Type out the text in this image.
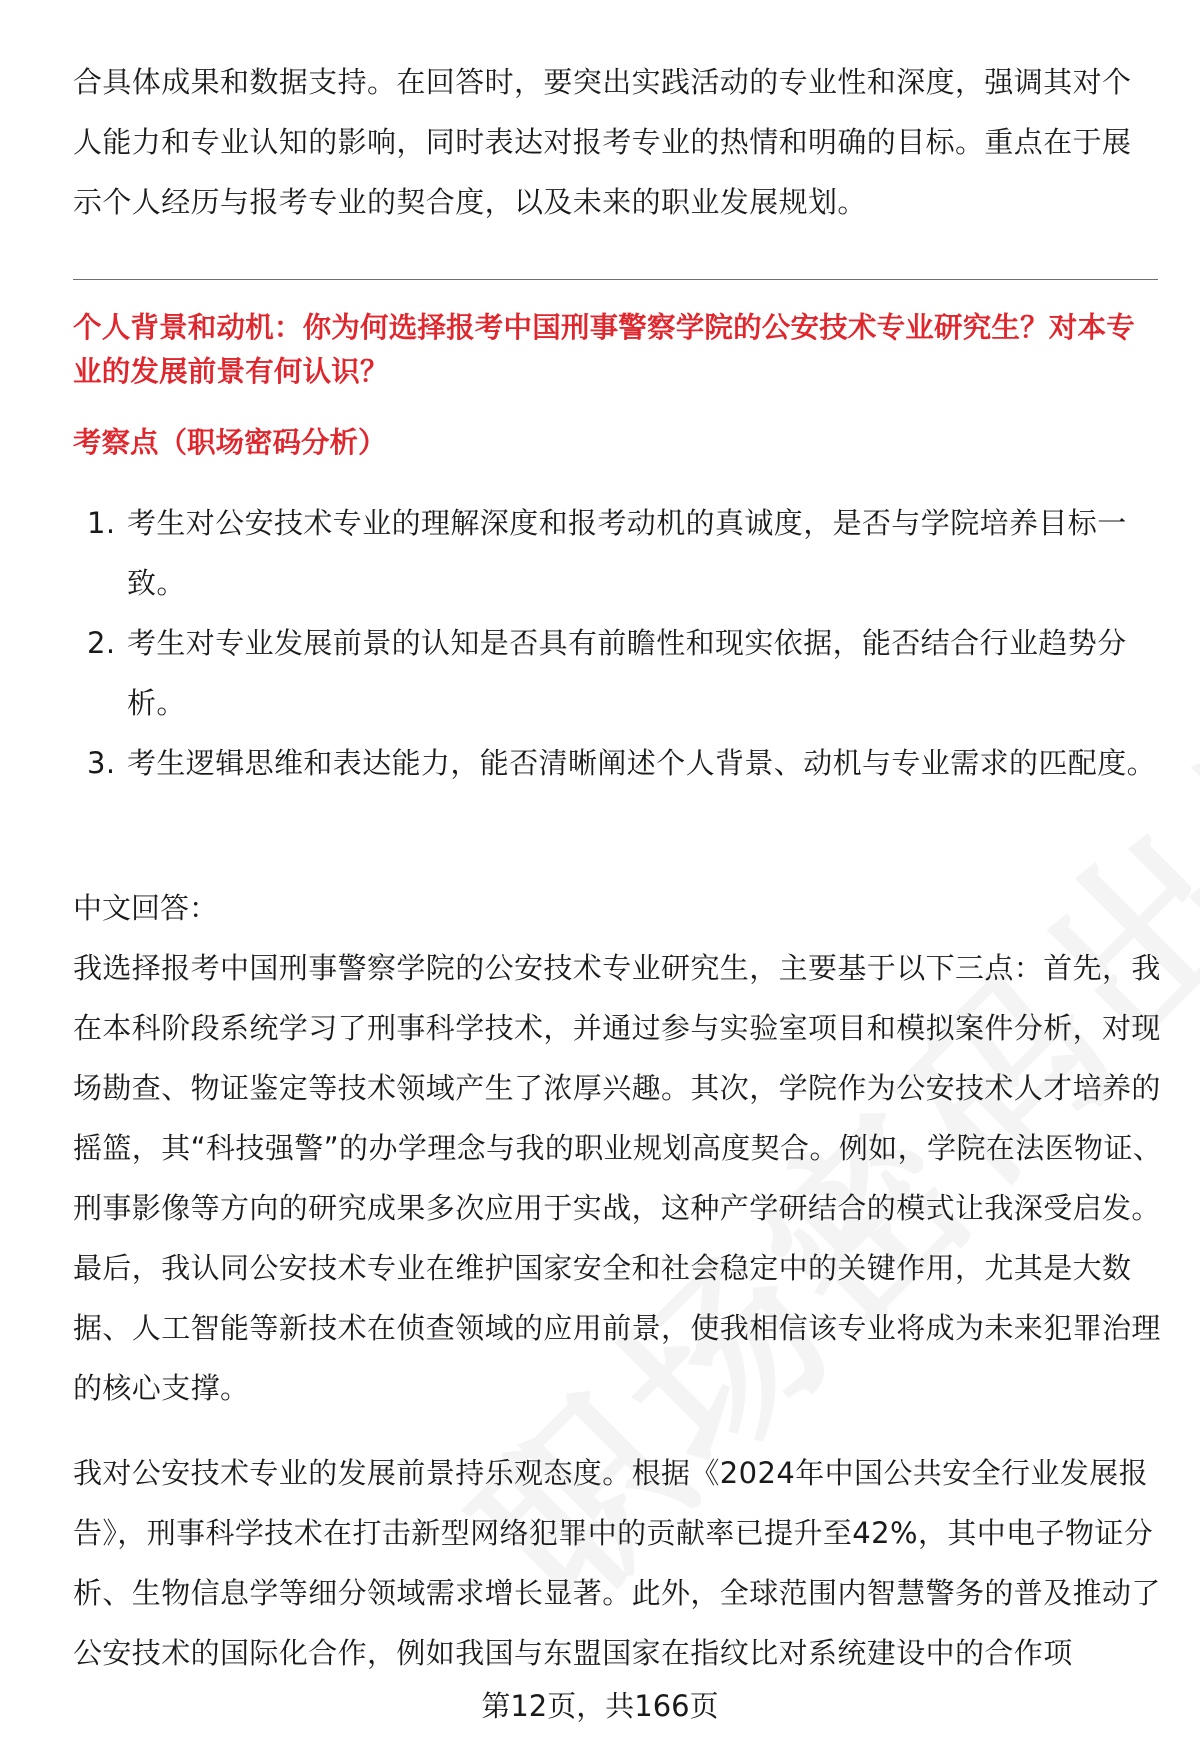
合具体成果和数据支持。在回答时，要突出实践活动的专业性和深度，强调其对个人能力和专业认知的影响，同时表达对报考专业的热情和明确的目标。重点在于展示个人经历与报考专业的契合度，以及未来的职业发展规划。

个人背景和动机：你为何选择报考中国刑事警察学院的公安技术专业研究生？对本专业的发展前景有何认识？

考察点（职场密码分析）

1. 考生对公安技术专业的理解深度和报考动机的真诚度，是否与学院培养目标一致。
2. 考生对专业发展前景的认知是否具有前瞻性和现实依据，能否结合行业趋势分析。
3. 考生逻辑思维和表达能力，能否清晰阐述个人背景、动机与专业需求的匹配度。

中文回答：

我选择报考中国刑事警察学院的公安技术专业研究生，主要基于以下三点：首先，我在本科阶段系统学习了刑事科学技术，并通过参与实验室项目和模拟案件分析，对现场勘查、物证鉴定等技术领域产生了浓厚兴趣。其次，学院作为公安技术人才培养的摇篮，其“科技强警”的办学理念与我的职业规划高度契合。例如，学院在法医物证、刑事影像等方向的研究成果多次应用于实战，这种产学研结合的模式让我深受启发。最后，我认同公安技术专业在维护国家安全和社会稳定中的关键作用，尤其是大数据、人工智能等新技术在侦查领域的应用前景，使我相信该专业将成为未来犯罪治理的核心支撑。

我对公安技术专业的发展前景持乐观态度。根据《2024年中国公共安全行业发展报告》，刑事科学技术在打击新型网络犯罪中的贡献率已提升至42%，其中电子物证分析、生物信息学等细分领域需求增长显著。此外，全球范围内智慧警务的普及推动了公安技术的国际化合作，例如我国与东盟国家在指纹比对系统建设中的合作项

第12页，共166页
